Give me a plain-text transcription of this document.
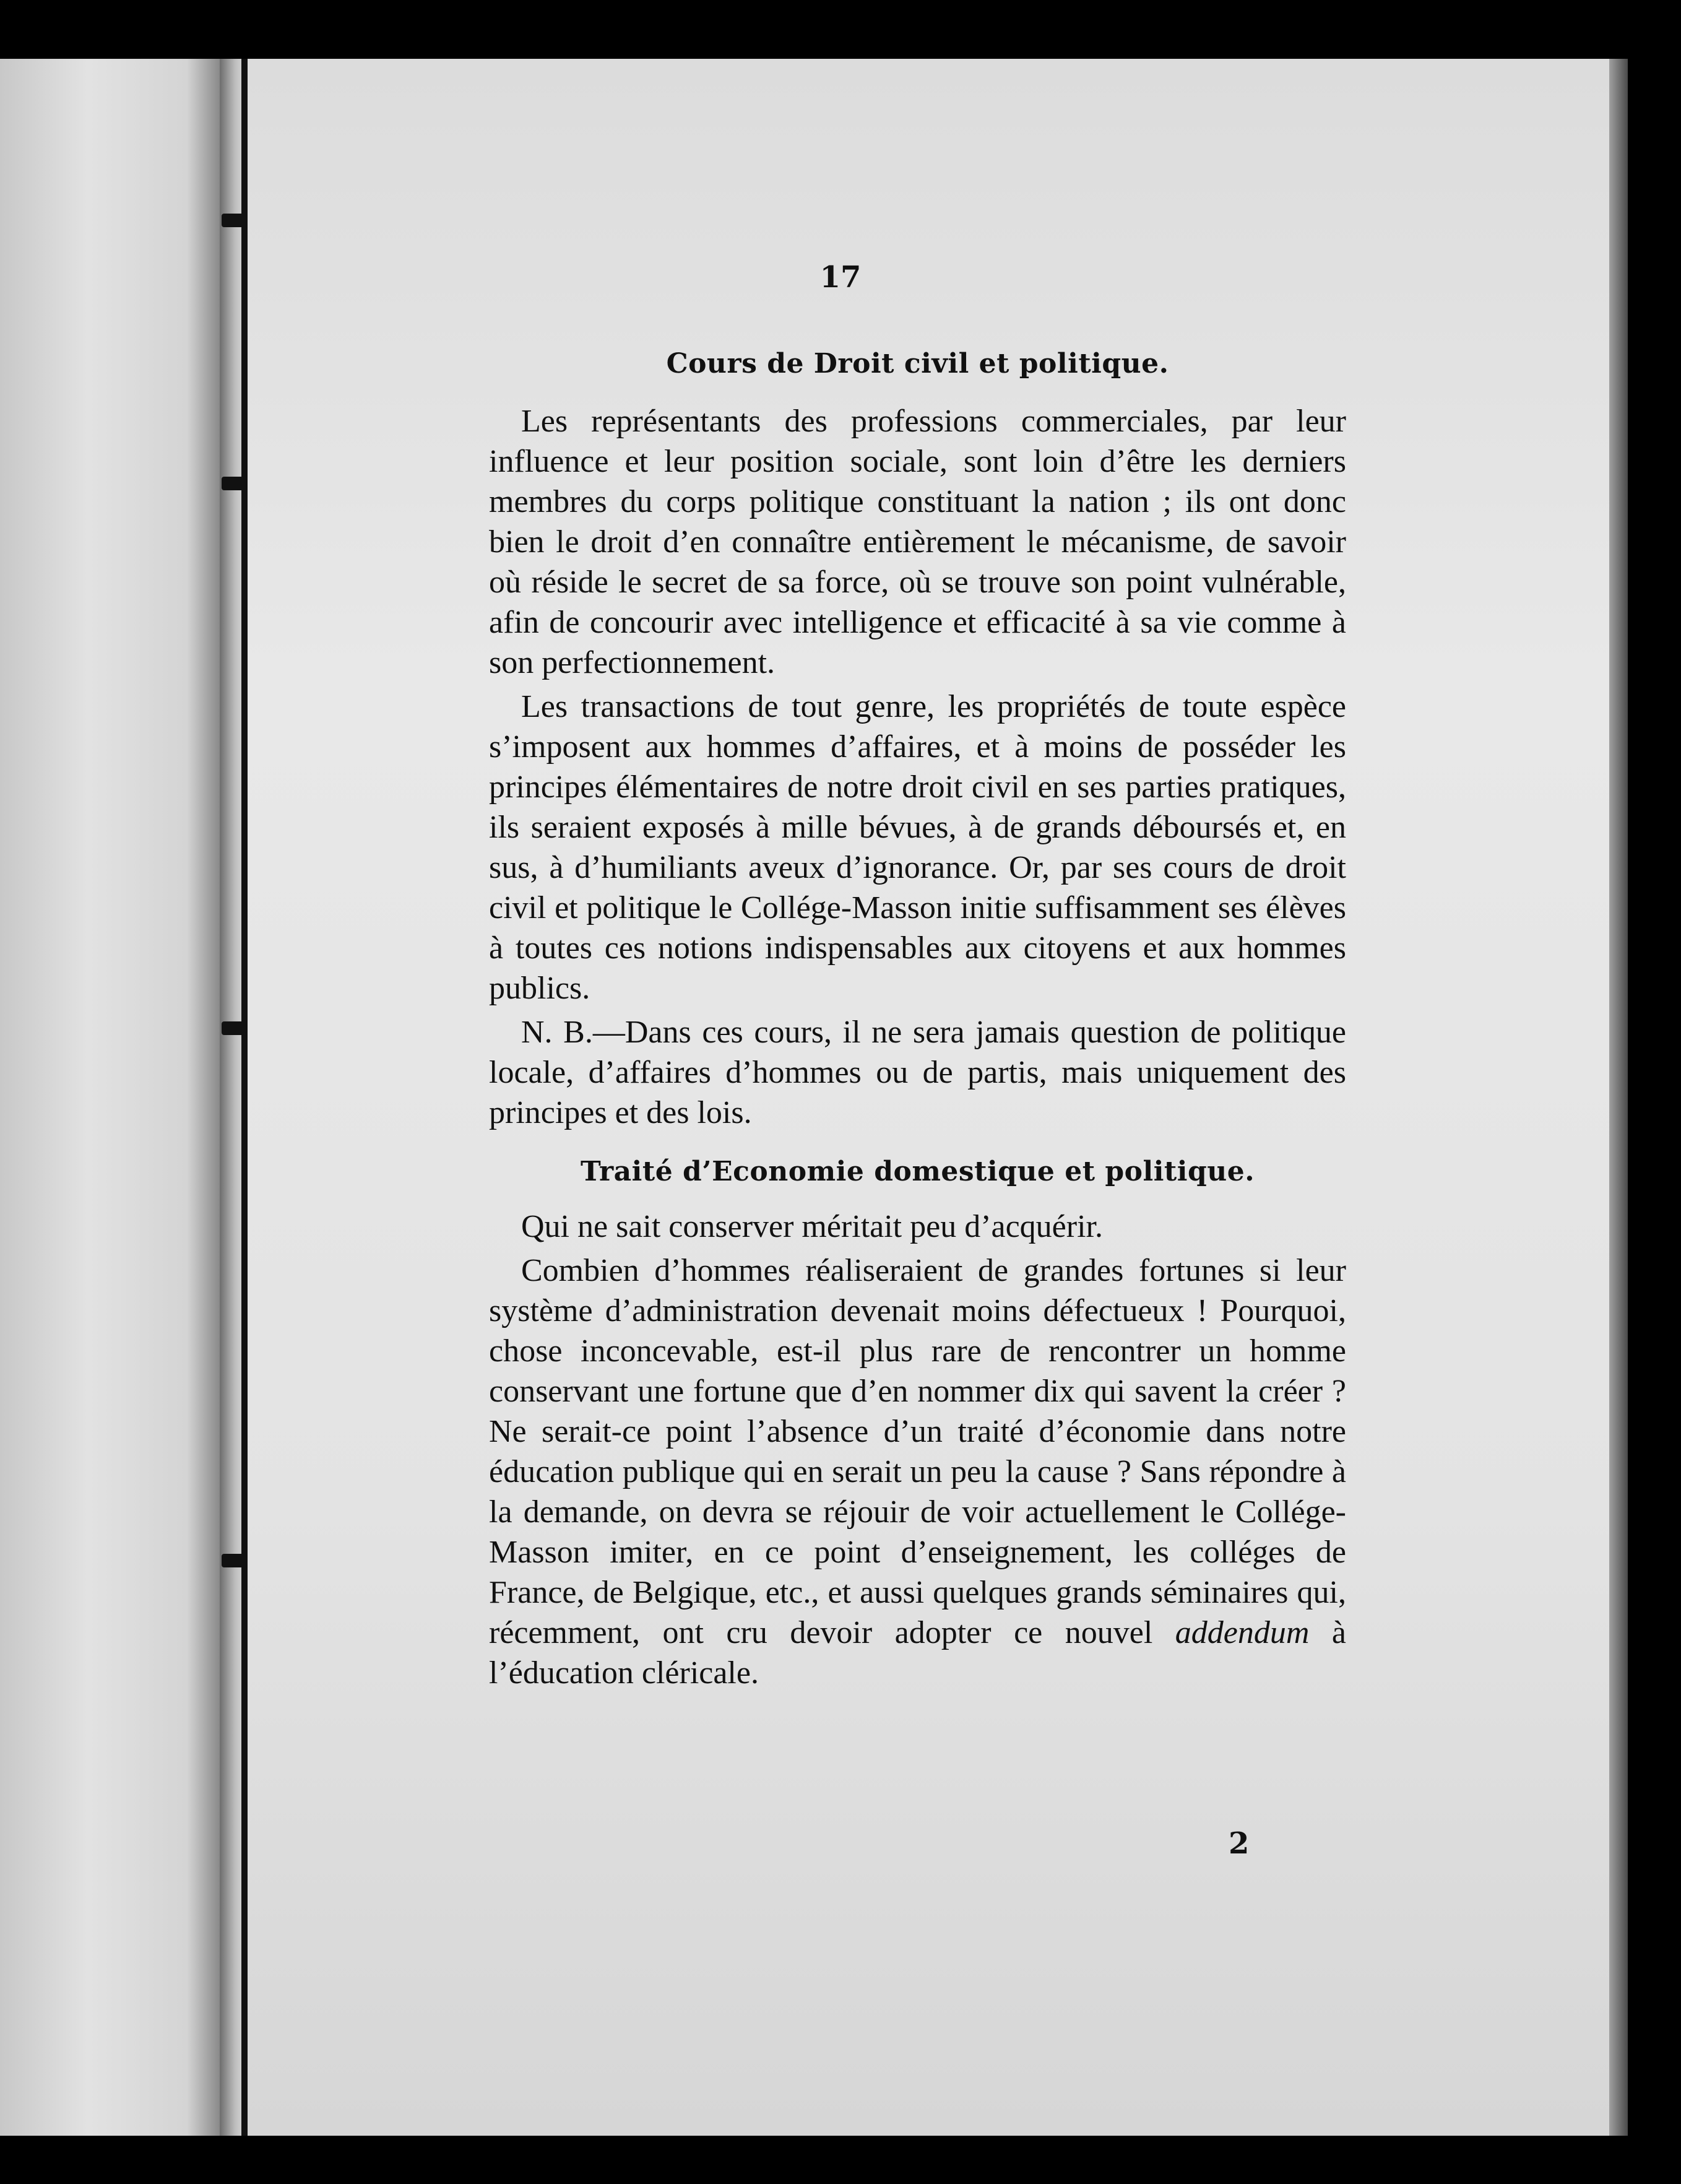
17
Cours de Droit civil et politique.

Les représentants des professions commerciales, par leur influence et leur position sociale, sont loin d’être les derniers membres du corps politique constituant la nation ; ils ont donc bien le droit d’en connaître entièrement le mécanisme, de savoir où réside le secret de sa force, où se trouve son point vulnérable, afin de concourir avec intelligence et efficacité à sa vie comme à son perfectionnement.

Les transactions de tout genre, les propriétés de toute espèce s’imposent aux hommes d’affaires, et à moins de posséder les principes élémentaires de notre droit civil en ses parties pratiques, ils seraient exposés à mille bévues, à de grands déboursés et, en sus, à d’humiliants aveux d’ignorance. Or, par ses cours de droit civil et politique le Collége-Masson initie suffisamment ses élèves à toutes ces notions indispensables aux citoyens et aux hommes publics.

N. B.—Dans ces cours, il ne sera jamais question de politique locale, d’affaires d’hommes ou de partis, mais uniquement des principes et des lois.

Traité d’Economie domestique et politique.

Qui ne sait conserver méritait peu d’acquérir.

Combien d’hommes réaliseraient de grandes fortunes si leur système d’administration devenait moins défectueux ! Pourquoi, chose inconcevable, est-il plus rare de rencontrer un homme conservant une fortune que d’en nommer dix qui savent la créer ? Ne serait-ce point l’absence d’un traité d’économie dans notre éducation publique qui en serait un peu la cause ? Sans répondre à la demande, on devra se réjouir de voir actuellement le Collége-Masson imiter, en ce point d’enseignement, les colléges de France, de Belgique, etc., et aussi quelques grands séminaires qui, récemment, ont cru devoir adopter ce nouvel addendum à l’éducation cléricale.

2
